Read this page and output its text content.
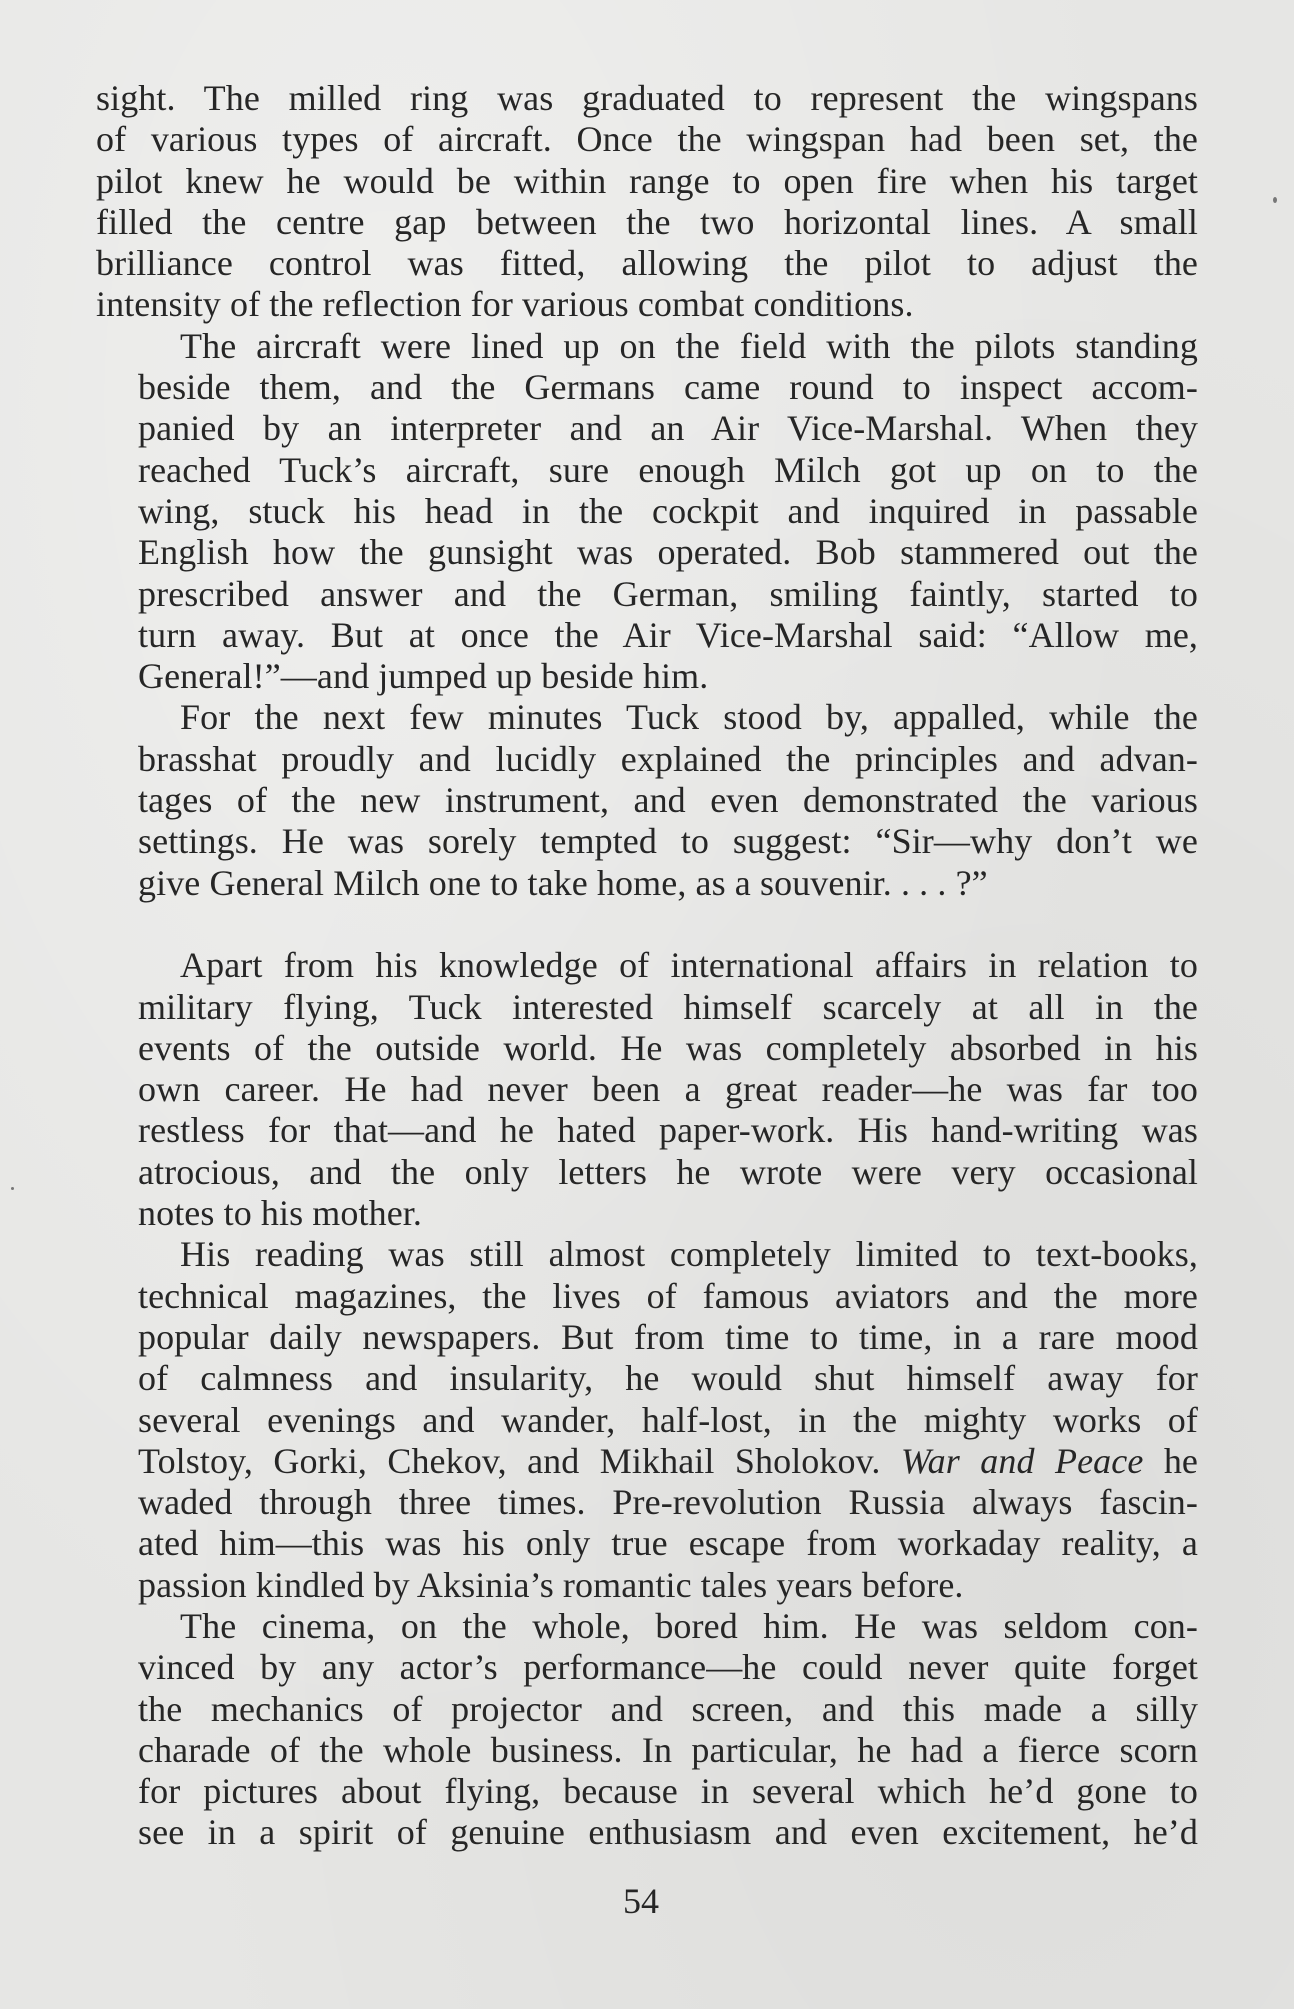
sight. The milled ring was graduated to represent the wingspans
of various types of aircraft. Once the wingspan had been set, the
pilot knew he would be within range to open fire when his target
filled the centre gap between the two horizontal lines. A small
brilliance control was fitted, allowing the pilot to adjust the
intensity of the reflection for various combat conditions.
The aircraft were lined up on the field with the pilots standing
beside them, and the Germans came round to inspect accom-
panied by an interpreter and an Air Vice-Marshal. When they
reached Tuck’s aircraft, sure enough Milch got up on to the
wing, stuck his head in the cockpit and inquired in passable
English how the gunsight was operated. Bob stammered out the
prescribed answer and the German, smiling faintly, started to
turn away. But at once the Air Vice-Marshal said: “Allow me,
General!”—and jumped up beside him.
For the next few minutes Tuck stood by, appalled, while the
brasshat proudly and lucidly explained the principles and advan-
tages of the new instrument, and even demonstrated the various
settings. He was sorely tempted to suggest: “Sir—why don’t we
give General Milch one to take home, as a souvenir. . . . ?”
Apart from his knowledge of international affairs in relation to
military flying, Tuck interested himself scarcely at all in the
events of the outside world. He was completely absorbed in his
own career. He had never been a great reader—he was far too
restless for that—and he hated paper-work. His hand-writing was
atrocious, and the only letters he wrote were very occasional
notes to his mother.
His reading was still almost completely limited to text-books,
technical magazines, the lives of famous aviators and the more
popular daily newspapers. But from time to time, in a rare mood
of calmness and insularity, he would shut himself away for
several evenings and wander, half-lost, in the mighty works of
Tolstoy, Gorki, Chekov, and Mikhail Sholokov. War and Peace he
waded through three times. Pre-revolution Russia always fascin-
ated him—this was his only true escape from workaday reality, a
passion kindled by Aksinia’s romantic tales years before.
The cinema, on the whole, bored him. He was seldom con-
vinced by any actor’s performance—he could never quite forget
the mechanics of projector and screen, and this made a silly
charade of the whole business. In particular, he had a fierce scorn
for pictures about flying, because in several which he’d gone to
see in a spirit of genuine enthusiasm and even excitement, he’d
54
